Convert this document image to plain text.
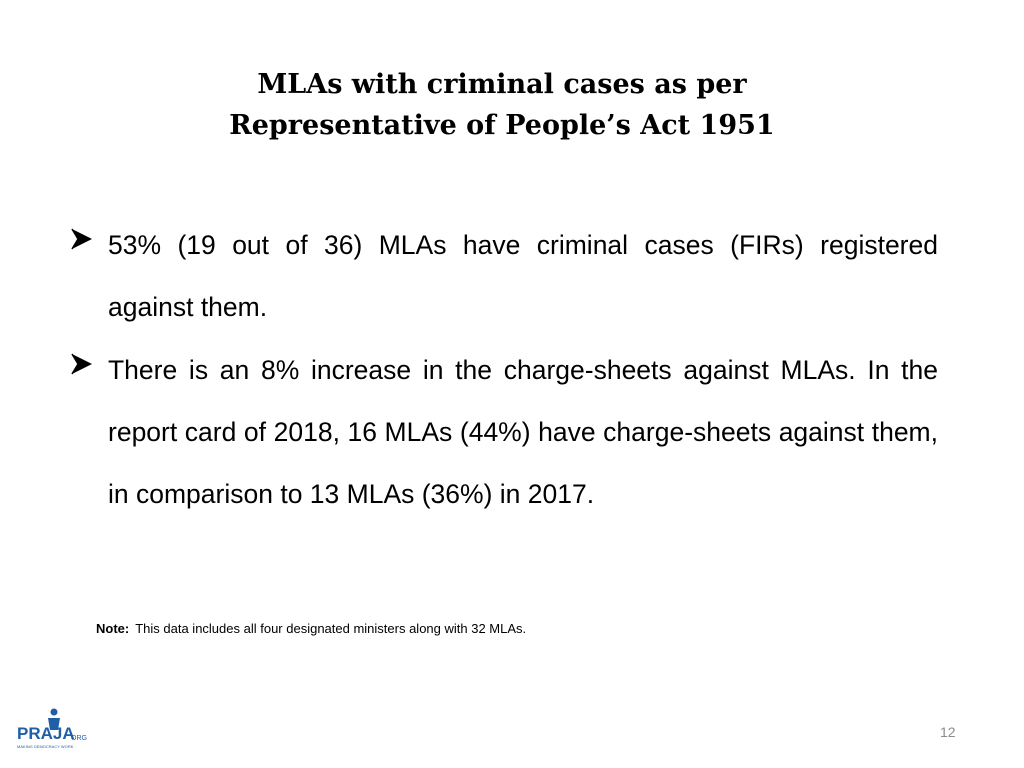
MLAs with criminal cases as per
Representative of People’s Act 1951

53% (19 out of 36) MLAs have criminal cases (FIRs) registered against them.

There is an 8% increase in the charge-sheets against MLAs. In the report card of 2018, 16 MLAs (44%) have charge-sheets against them, in comparison to 13 MLAs (36%) in 2017.

Note: This data includes all four designated ministers along with 32 MLAs.
PRAJA
ORG
MAKING DEMOCRACY WORK
12
